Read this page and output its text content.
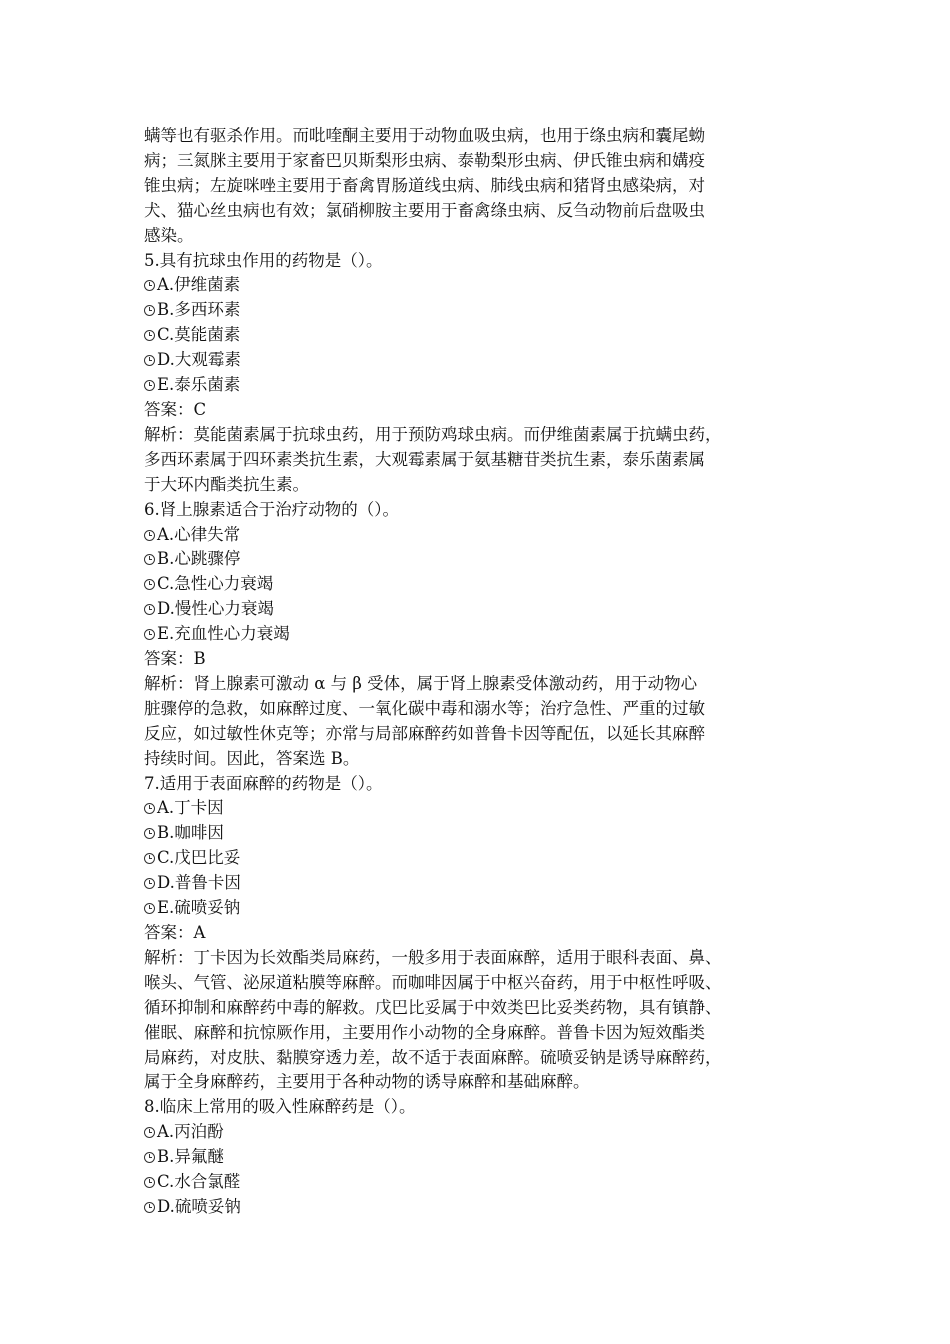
螨等也有驱杀作用。而吡喹酮主要用于动物血吸虫病，也用于绦虫病和囊尾蚴
病；三氮脒主要用于家畜巴贝斯梨形虫病、泰勒梨形虫病、伊氏锥虫病和媾疫
锥虫病；左旋咪唑主要用于畜禽胃肠道线虫病、肺线虫病和猪肾虫感染病，对
犬、猫心丝虫病也有效；氯硝柳胺主要用于畜禽绦虫病、反刍动物前后盘吸虫
感染。
5.具有抗球虫作用的药物是（）。
A.伊维菌素
B.多西环素
C.莫能菌素
D.大观霉素
E.泰乐菌素
答案：C
解析：莫能菌素属于抗球虫药，用于预防鸡球虫病。而伊维菌素属于抗螨虫药，
多西环素属于四环素类抗生素，大观霉素属于氨基糖苷类抗生素，泰乐菌素属
于大环内酯类抗生素。
6.肾上腺素适合于治疗动物的（）。
A.心律失常
B.心跳骤停
C.急性心力衰竭
D.慢性心力衰竭
E.充血性心力衰竭
答案：B
解析：肾上腺素可激动 α 与 β 受体，属于肾上腺素受体激动药，用于动物心
脏骤停的急救，如麻醉过度、一氧化碳中毒和溺水等；治疗急性、严重的过敏
反应，如过敏性休克等；亦常与局部麻醉药如普鲁卡因等配伍，以延长其麻醉
持续时间。因此，答案选 B。
7.适用于表面麻醉的药物是（）。
A.丁卡因
B.咖啡因
C.戊巴比妥
D.普鲁卡因
E.硫喷妥钠
答案：A
解析：丁卡因为长效酯类局麻药，一般多用于表面麻醉，适用于眼科表面、鼻、
喉头、气管、泌尿道粘膜等麻醉。而咖啡因属于中枢兴奋药，用于中枢性呼吸、
循环抑制和麻醉药中毒的解救。戊巴比妥属于中效类巴比妥类药物，具有镇静、
催眠、麻醉和抗惊厥作用，主要用作小动物的全身麻醉。普鲁卡因为短效酯类
局麻药，对皮肤、黏膜穿透力差，故不适于表面麻醉。硫喷妥钠是诱导麻醉药，
属于全身麻醉药，主要用于各种动物的诱导麻醉和基础麻醉。
8.临床上常用的吸入性麻醉药是（）。
A.丙泊酚
B.异氟醚
C.水合氯醛
D.硫喷妥钠
